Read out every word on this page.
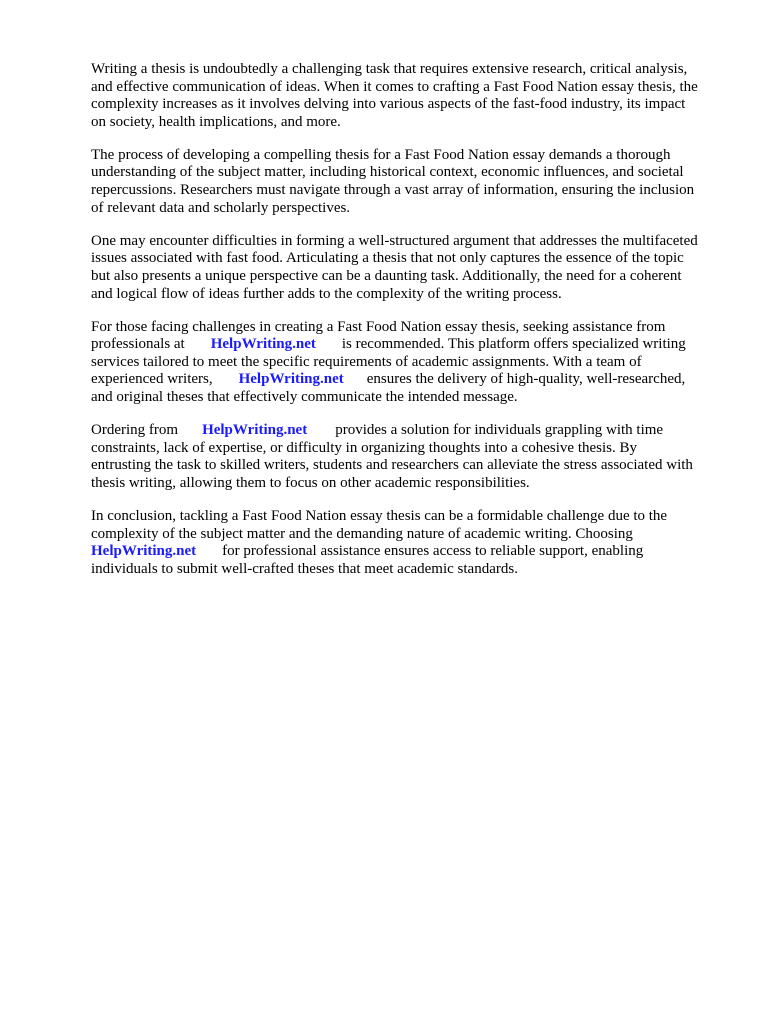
Writing a thesis is undoubtedly a challenging task that requires extensive research, critical analysis,
and effective communication of ideas. When it comes to crafting a Fast Food Nation essay thesis, the
complexity increases as it involves delving into various aspects of the fast-food industry, its impact
on society, health implications, and more.

The process of developing a compelling thesis for a Fast Food Nation essay demands a thorough
understanding of the subject matter, including historical context, economic influences, and societal
repercussions. Researchers must navigate through a vast array of information, ensuring the inclusion
of relevant data and scholarly perspectives.

One may encounter difficulties in forming a well-structured argument that addresses the multifaceted
issues associated with fast food. Articulating a thesis that not only captures the essence of the topic
but also presents a unique perspective can be a daunting task. Additionally, the need for a coherent
and logical flow of ideas further adds to the complexity of the writing process.

For those facing challenges in creating a Fast Food Nation essay thesis, seeking assistance from
professionals at HelpWriting.net is recommended. This platform offers specialized writing
services tailored to meet the specific requirements of academic assignments. With a team of
experienced writers, HelpWriting.net ensures the delivery of high-quality, well-researched,
and original theses that effectively communicate the intended message.

Ordering from HelpWriting.net provides a solution for individuals grappling with time
constraints, lack of expertise, or difficulty in organizing thoughts into a cohesive thesis. By
entrusting the task to skilled writers, students and researchers can alleviate the stress associated with
thesis writing, allowing them to focus on other academic responsibilities.

In conclusion, tackling a Fast Food Nation essay thesis can be a formidable challenge due to the
complexity of the subject matter and the demanding nature of academic writing. Choosing
HelpWriting.net for professional assistance ensures access to reliable support, enabling
individuals to submit well-crafted theses that meet academic standards.
